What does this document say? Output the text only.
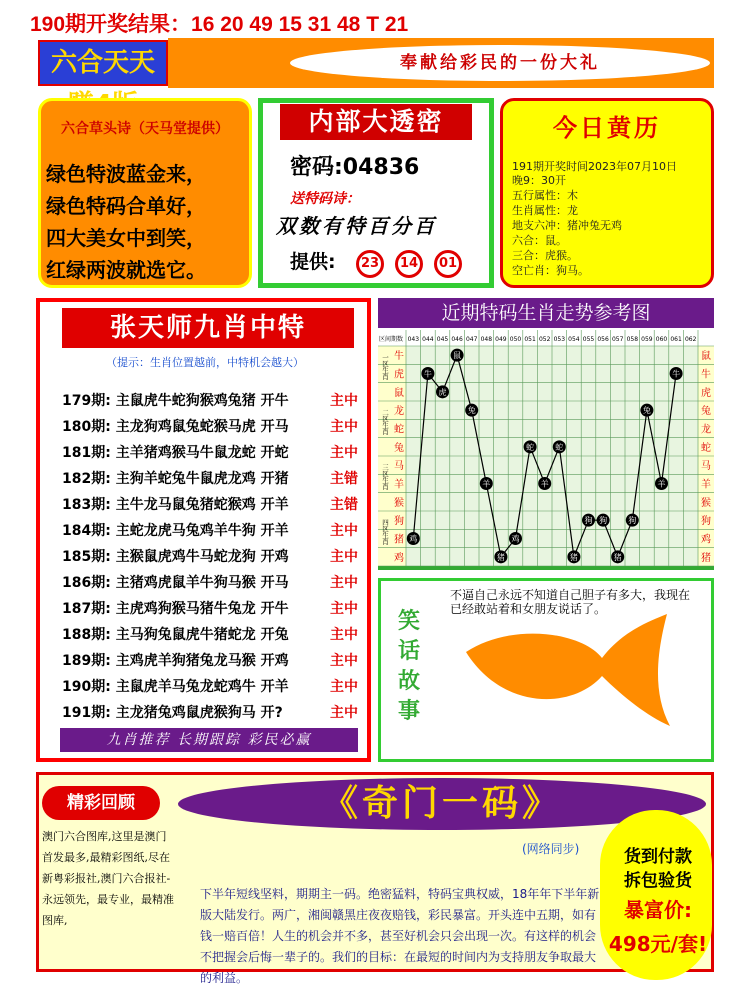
190期开奖结果：16 20 49 15 31 48 T 21
六合天天	奉献给彩民的一份大礼
六合草头诗（天马堂提供）
绿色特波蓝金来，
绿色特码合单好，
四大美女中到笑，
红绿两波就选它。
内部大透密
密码:04836
送特码诗：
双数有特百分百
提供:	23	14	01
今日黄历
191期开奖时间2023年07月10日
晚9：30开
五行属性：木
生肖属性：龙
地支六冲：猪冲兔无鸡
六合：鼠。
三合：虎猴。
空亡肖：狗马。
张天师九肖中特
（提示：生肖位置越前，中特机会越大）
179期: 主鼠虎牛蛇狗猴鸡兔猪 开牛	主中
180期: 主龙狗鸡鼠兔蛇猴马虎 开马	主中
181期: 主羊猪鸡猴马牛鼠龙蛇 开蛇	主中
182期: 主狗羊蛇兔牛鼠虎龙鸡 开猪	主错
183期: 主牛龙马鼠兔猪蛇猴鸡 开羊	主错
184期: 主蛇龙虎马兔鸡羊牛狗 开羊	主中
185期: 主猴鼠虎鸡牛马蛇龙狗 开鸡	主中
186期: 主猪鸡虎鼠羊牛狗马猴 开马	主中
187期: 主虎鸡狗猴马猪牛兔龙 开牛	主中
188期: 主马狗兔鼠虎牛猪蛇龙 开兔	主中
189期: 主鸡虎羊狗猪兔龙马猴 开鸡	主中
190期: 主鼠虎羊马兔龙蛇鸡牛 开羊	主中
191期: 主龙猪兔鸡鼠虎猴狗马 开?	主中
九肖推荐 长期跟踪 彩民必赢
近期特码生肖走势参考图
区间 期数 043 044 045 046 047 048 049 050 051 052 053 054 055 056 057 058 059 060 061 062
一区生肖
二区生肖
三区生肖
四区生肖
牛
虎
鼠
龙
蛇
兔
马
羊
猴
狗
猪
鸡
鼠
牛
虎
兔
龙
蛇
马
羊
猴
狗
鸡
猪
鸡
牛
虎
鼠
兔
羊
猪
鸡
蛇
羊
蛇
猪
狗 狗
猪
狗
兔
羊
牛
笑话故事
不逼自己永远不知道自己胆子有多大，我现在已经敢站着和女朋友说话了。
精彩回顾
澳门六合图库,这里是澳门首发最多,最精彩图纸,尽在新粤彩报社,澳门六合报社-永远领先，最专业，最精准图库,
《奇门一码》
(网络同步)
下半年短线坚料，期期主一码。绝密猛料，特码宝典权威，18年年下半年新版大陆发行。两广，湘闽赣黑庄夜夜赔钱，彩民暴富。开头连中五期，如有钱一赔百倍！人生的机会并不多，甚至好机会只会出现一次。有这样的机会不把握会后悔一辈子的。我们的目标：在最短的时间内为支持朋友争取最大的利益。
货到付款
拆包验货
暴富价:
498元/套!
